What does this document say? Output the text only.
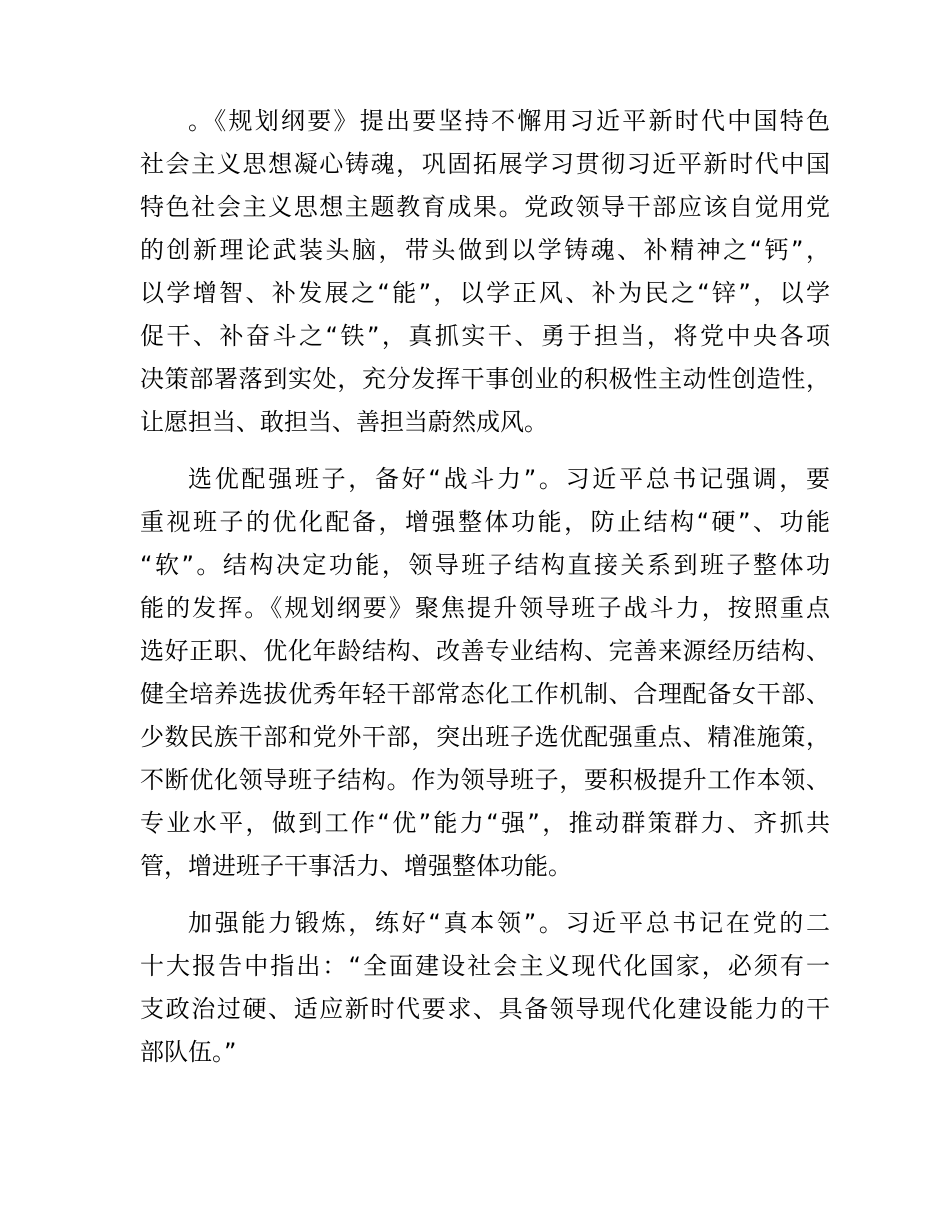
。《规划纲要》提出要坚持不懈用习近平新时代中国特色
社会主义思想凝心铸魂，巩固拓展学习贯彻习近平新时代中国
特色社会主义思想主题教育成果。党政领导干部应该自觉用党
的创新理论武装头脑，带头做到以学铸魂、补精神之“钙”，
以学增智、补发展之“能”，以学正风、补为民之“锌”，以学
促干、补奋斗之“铁”，真抓实干、勇于担当，将党中央各项
决策部署落到实处，充分发挥干事创业的积极性主动性创造性，
让愿担当、敢担当、善担当蔚然成风。
选优配强班子，备好“战斗力”。习近平总书记强调，要
重视班子的优化配备，增强整体功能，防止结构“硬”、功能
“软”。结构决定功能，领导班子结构直接关系到班子整体功
能的发挥。《规划纲要》聚焦提升领导班子战斗力，按照重点
选好正职、优化年龄结构、改善专业结构、完善来源经历结构、
健全培养选拔优秀年轻干部常态化工作机制、合理配备女干部、
少数民族干部和党外干部，突出班子选优配强重点、精准施策，
不断优化领导班子结构。作为领导班子，要积极提升工作本领、
专业水平，做到工作“优”能力“强”，推动群策群力、齐抓共
管，增进班子干事活力、增强整体功能。
加强能力锻炼，练好“真本领”。习近平总书记在党的二
十大报告中指出：“全面建设社会主义现代化国家，必须有一
支政治过硬、适应新时代要求、具备领导现代化建设能力的干
部队伍。”
